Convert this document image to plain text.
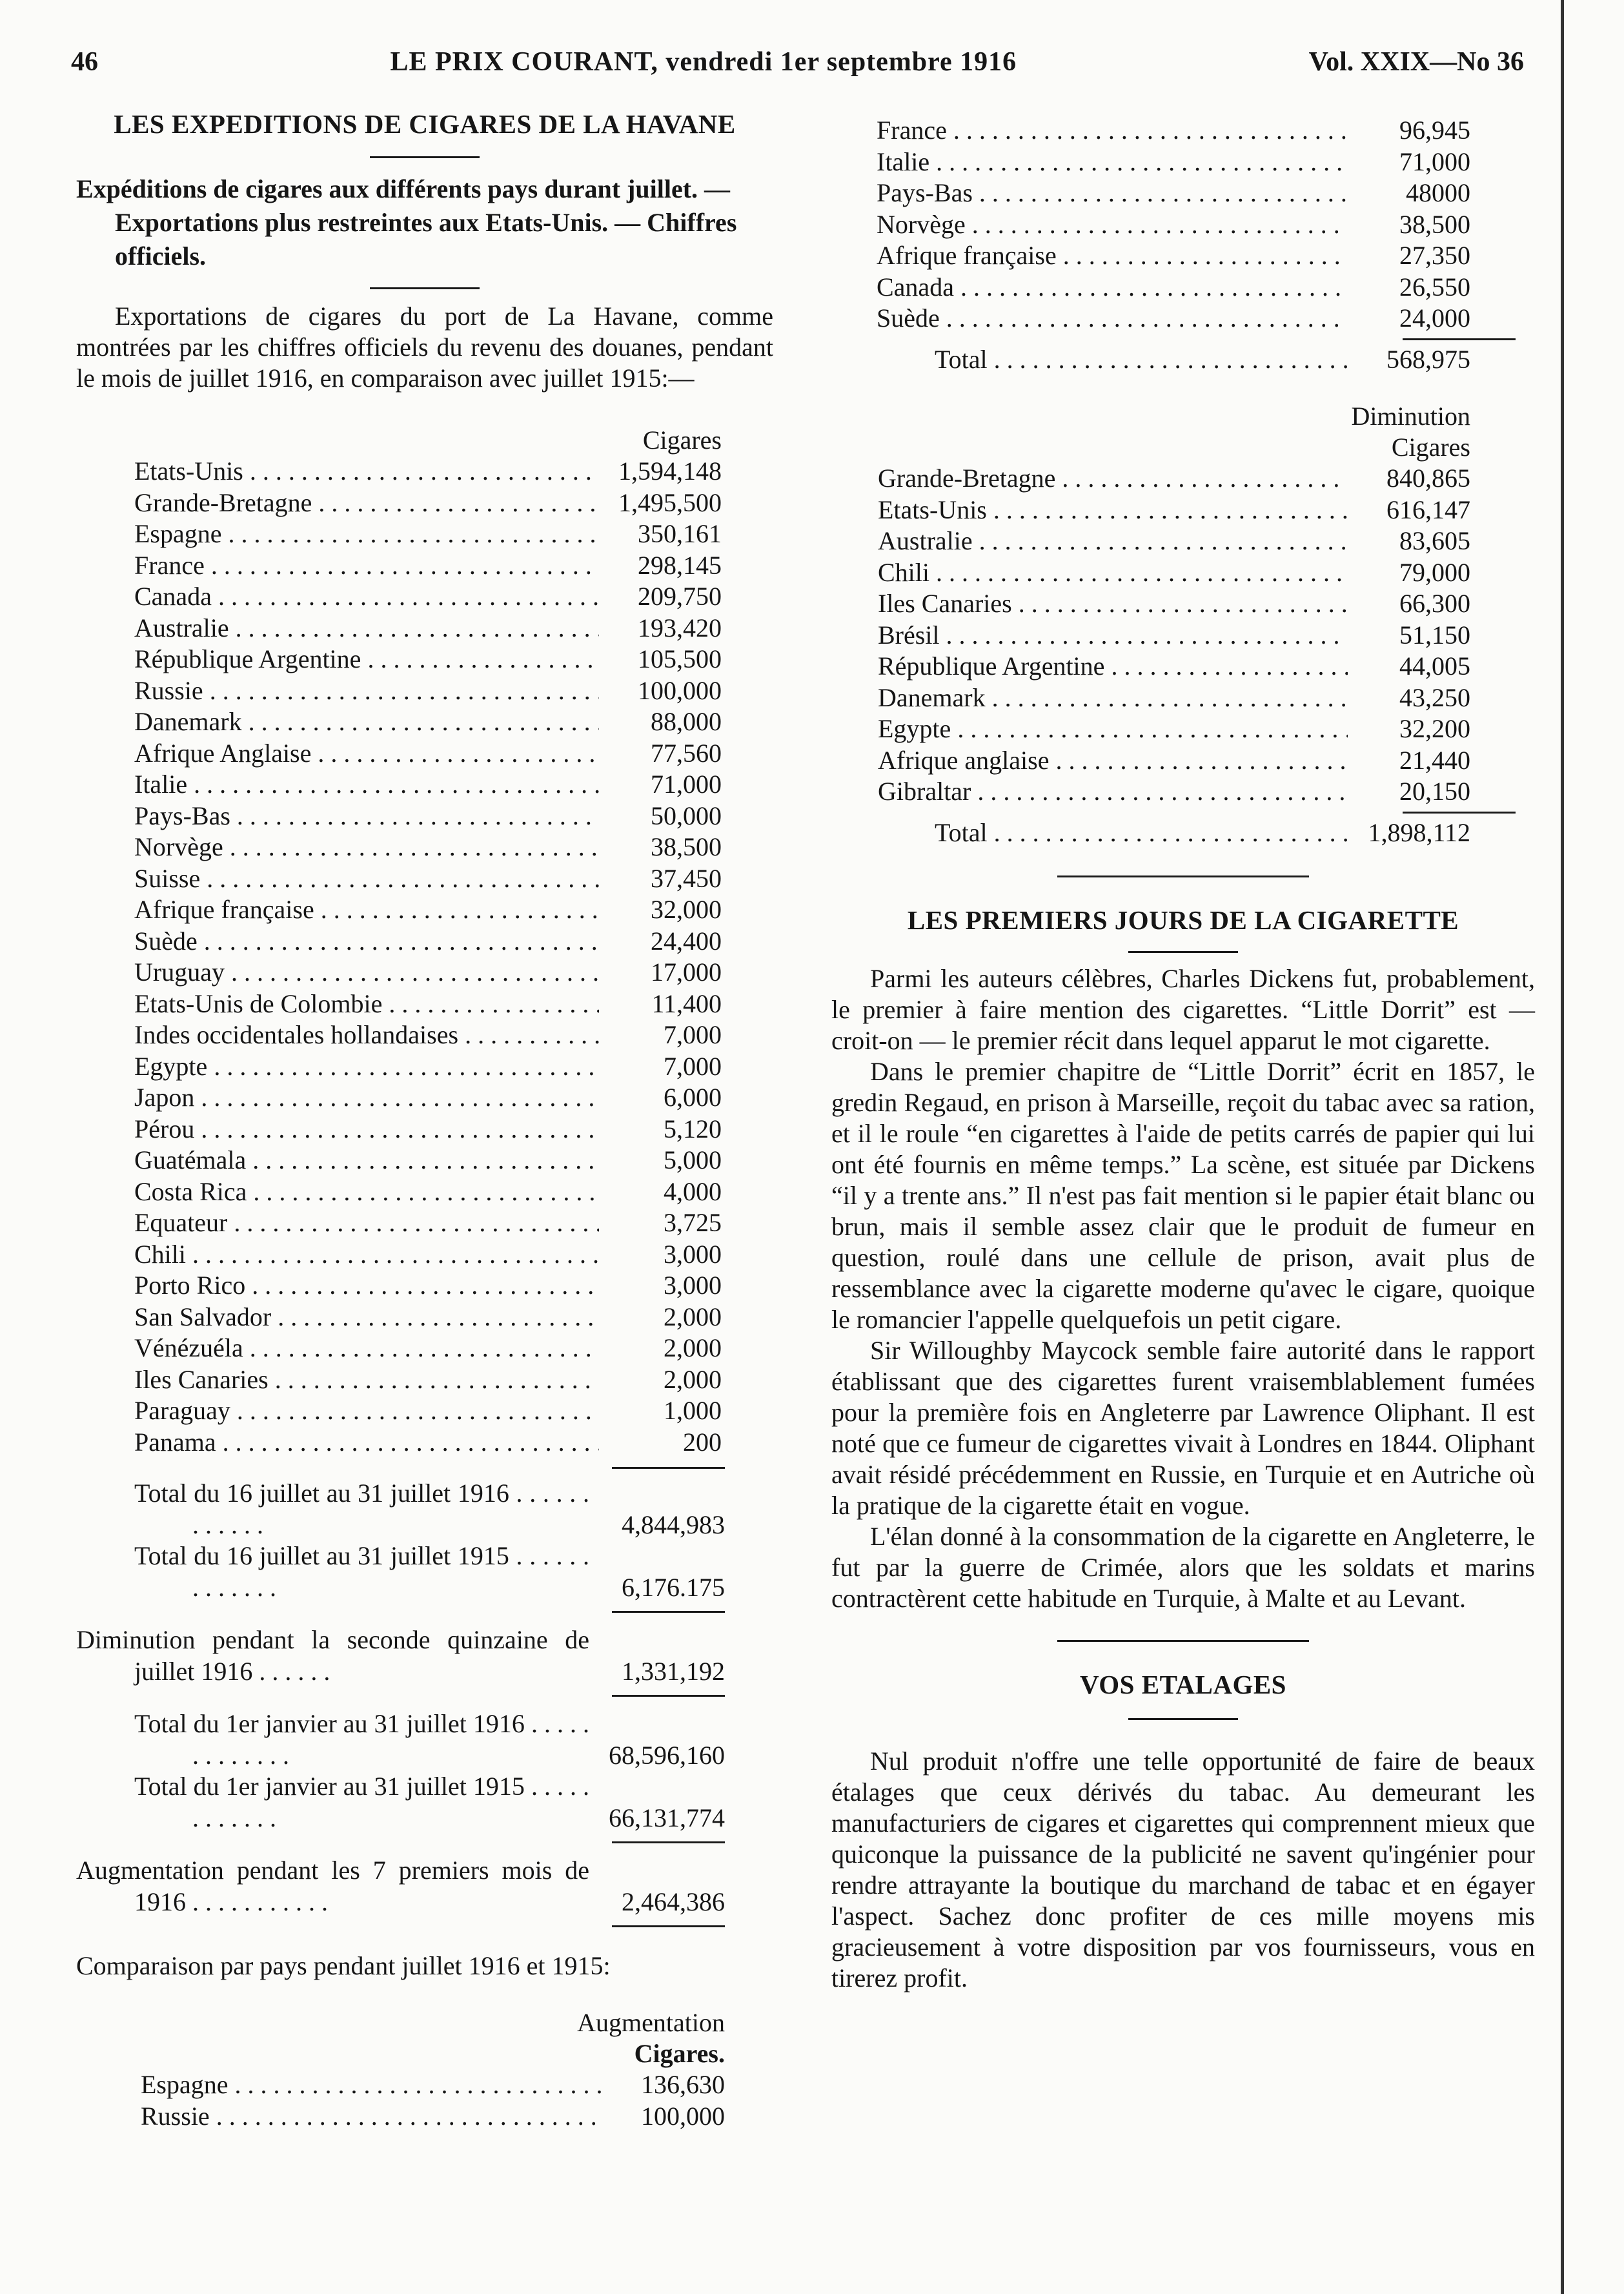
46	LE PRIX COURANT, vendredi 1er septembre 1916	Vol. XXIX—No 36
LES EXPEDITIONS DE CIGARES DE LA HAVANE

Expéditions de cigares aux différents pays durant juillet. — Exportations plus restreintes aux Etats-Unis. — Chiffres officiels.

Exportations de cigares du port de La Havane, comme montrées par les chiffres officiels du revenu des douanes, pendant le mois de juillet 1916, en comparaison avec juillet 1915:—

Cigares
Etats-Unis . . .	1,594,148
Grande-Bretagne . . .	1,495,500
Espagne . . .	350,161
France . . .	298,145
Canada . . .	209,750
Australie . . .	193,420
République Argentine . . .	105,500
Russie . . .	100,000
Danemark . . .	88,000
Afrique Anglaise . . .	77,560
Italie . . .	71,000
Pays-Bas . . .	50,000
Norvège . . .	38,500
Suisse . . .	37,450
Afrique française . . .	32,000
Suède . . .	24,400
Uruguay . . .	17,000
Etats-Unis de Colombie . . .	11,400
Indes occidentales hollandaises . . .	7,000
Egypte . . .	7,000
Japon . . .	6,000
Pérou . . .	5,120
Guatémala . . .	5,000
Costa Rica . . .	4,000
Equateur . . .	3,725
Chili . . .	3,000
Porto Rico . . .	3,000
San Salvador . . .	2,000
Vénézuéla . . .	2,000
Iles Canaries . . .	2,000
Paraguay . . .	1,000
Panama . . .	200
Total du 16 juillet au 31 juillet 1916 . . . . . . . . . . . .	4,844,983
Total du 16 juillet au 31 juillet 1915 . . . . . . . . . . . . .	6,176.175
Diminution pendant la seconde quinzaine de juillet 1916 . . . . . .	1,331,192
Total du 1er janvier au 31 juillet 1916 . . . . . . . . . . . . .	68,596,160
Total du 1er janvier au 31 juillet 1915 . . . . . . . . . . . .	66,131,774
Augmentation pendant les 7 premiers mois de 1916 . . . . . . . . . . .	2,464,386

Comparaison par pays pendant juillet 1916 et 1915:

Augmentation
Cigares.
Espagne . . .	136,630
Russie . . .	100,000
France . . .	96,945
Italie . . .	71,000
Pays-Bas . . .	48000
Norvège . . .	38,500
Afrique française . . .	27,350
Canada . . .	26,550
Suède . . .	24,000
Total . . .	568,975
Diminution
Cigares
Grande-Bretagne . . .	840,865
Etats-Unis . . .	616,147
Australie . . .	83,605
Chili . . .	79,000
Iles Canaries . . .	66,300
Brésil . . .	51,150
République Argentine . . .	44,005
Danemark . . .	43,250
Egypte . . .	32,200
Afrique anglaise . . .	21,440
Gibraltar . . .	20,150
Total . . .	1,898,112
LES PREMIERS JOURS DE LA CIGARETTE

Parmi les auteurs célèbres, Charles Dickens fut, probablement, le premier à faire mention des cigarettes. “Little Dorrit” est — croit-on — le premier récit dans lequel apparut le mot cigarette.

Dans le premier chapitre de “Little Dorrit” écrit en 1857, le gredin Regaud, en prison à Marseille, reçoit du tabac avec sa ration, et il le roule “en cigarettes à l'aide de petits carrés de papier qui lui ont été fournis en même temps.” La scène, est située par Dickens “il y a trente ans.” Il n'est pas fait mention si le papier était blanc ou brun, mais il semble assez clair que le produit de fumeur en question, roulé dans une cellule de prison, avait plus de ressemblance avec la cigarette moderne qu'avec le cigare, quoique le romancier l'appelle quelquefois un petit cigare.

Sir Willoughby Maycock semble faire autorité dans le rapport établissant que des cigarettes furent vraisemblablement fumées pour la première fois en Angleterre par Lawrence Oliphant. Il est noté que ce fumeur de cigarettes vivait à Londres en 1844. Oliphant avait résidé précédemment en Russie, en Turquie et en Autriche où la pratique de la cigarette était en vogue.

L'élan donné à la consommation de la cigarette en Angleterre, le fut par la guerre de Crimée, alors que les soldats et marins contractèrent cette habitude en Turquie, à Malte et au Levant.

VOS ETALAGES

Nul produit n'offre une telle opportunité de faire de beaux étalages que ceux dérivés du tabac. Au demeurant les manufacturiers de cigares et cigarettes qui comprennent mieux que quiconque la puissance de la publicité ne savent qu'ingénier pour rendre attrayante la boutique du marchand de tabac et en égayer l'aspect. Sachez donc profiter de ces mille moyens mis gracieusement à votre disposition par vos fournisseurs, vous en tirerez profit.
